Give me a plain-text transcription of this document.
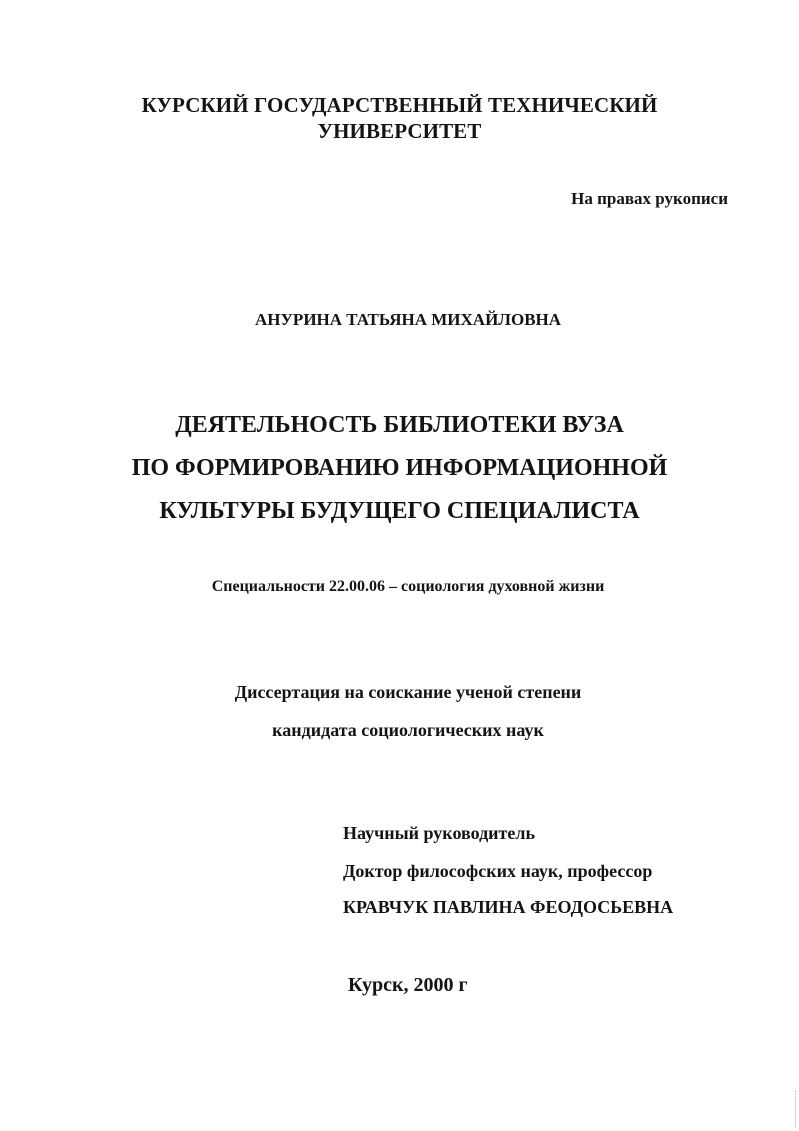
КУРСКИЙ ГОСУДАРСТВЕННЫЙ ТЕХНИЧЕСКИЙ
УНИВЕРСИТЕТ
На правах рукописи
АНУРИНА ТАТЬЯНА МИХАЙЛОВНА
ДЕЯТЕЛЬНОСТЬ БИБЛИОТЕКИ ВУЗА
ПО ФОРМИРОВАНИЮ ИНФОРМАЦИОННОЙ
КУЛЬТУРЫ БУДУЩЕГО СПЕЦИАЛИСТА
Специальности 22.00.06 – социология духовной жизни
Диссертация на соискание ученой степени
кандидата социологических наук
Научный руководитель
Доктор философских наук, профессор
КРАВЧУК ПАВЛИНА ФЕОДОСЬЕВНА
Курск, 2000 г
